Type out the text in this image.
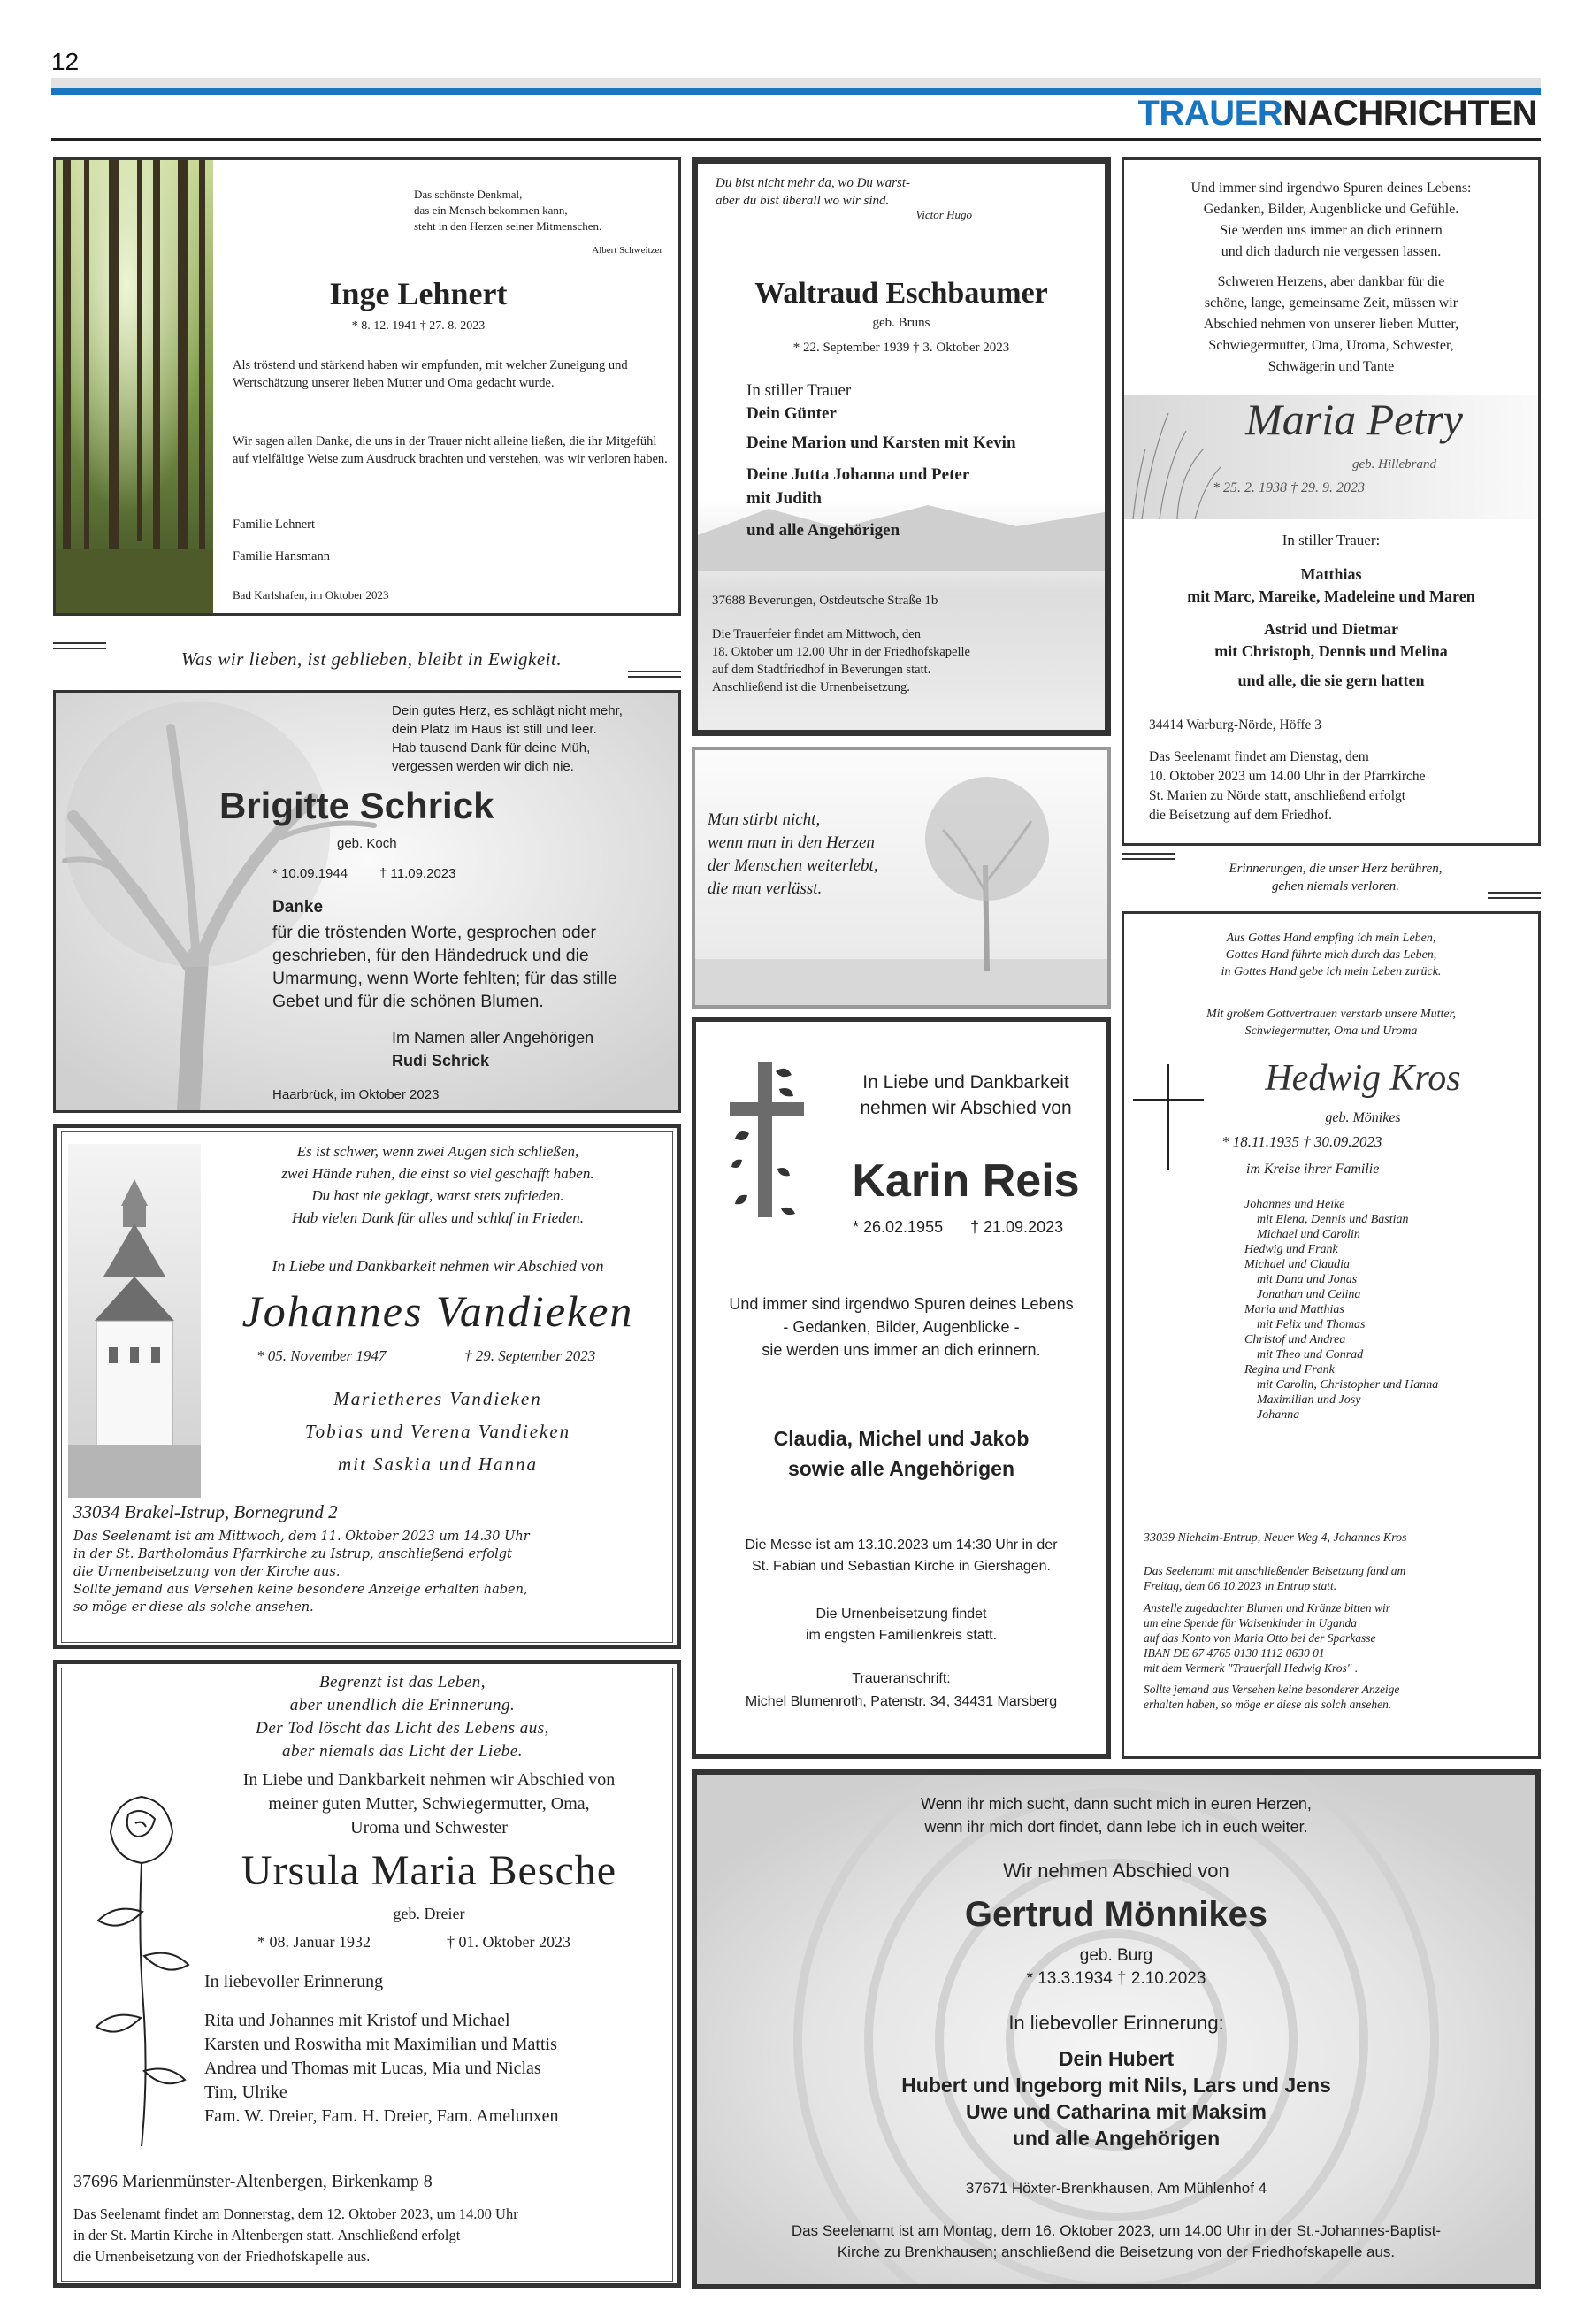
12
TRAUERNACHRICHTEN
Das schönste Denkmal,
das ein Mensch bekommen kann,
steht in den Herzen seiner Mitmenschen.
Albert Schweitzer
Inge Lehnert
* 8. 12. 1941 † 27. 8. 2023
Als tröstend und stärkend haben wir empfunden, mit welcher Zuneigung und Wertschätzung unserer lieben Mutter und Oma gedacht wurde.
Wir sagen allen Danke, die uns in der Trauer nicht alleine ließen, die ihr Mitgefühl auf vielfältige Weise zum Ausdruck brachten und verstehen, was wir verloren haben.
Familie Lehnert
Familie Hansmann
Bad Karlshafen, im Oktober 2023
Was wir lieben, ist geblieben, bleibt in Ewigkeit.
Du bist nicht mehr da, wo Du warst-
aber du bist überall wo wir sind.
Victor Hugo
Waltraud Eschbaumer
geb. Bruns
* 22. September 1939 † 3. Oktober 2023
In stiller Trauer
Dein Günter
Deine Marion und Karsten mit Kevin
Deine Jutta Johanna und Peter
mit Judith
und alle Angehörigen
37688 Beverungen, Ostdeutsche Straße 1b
Die Trauerfeier findet am Mittwoch, den
18. Oktober um 12.00 Uhr in der Friedhofskapelle
auf dem Stadtfriedhof in Beverungen statt.
Anschließend ist die Urnenbeisetzung.
Und immer sind irgendwo Spuren deines Lebens:
Gedanken, Bilder, Augenblicke und Gefühle.
Sie werden uns immer an dich erinnern
und dich dadurch nie vergessen lassen.
Schweren Herzens, aber dankbar für die
schöne, lange, gemeinsame Zeit, müssen wir
Abschied nehmen von unserer lieben Mutter,
Schwiegermutter, Oma, Uroma, Schwester,
Schwägerin und Tante
Maria Petry
geb. Hillebrand
* 25. 2. 1938 † 29. 9. 2023
In stiller Trauer:
Matthias
mit Marc, Mareike, Madeleine und Maren
Astrid und Dietmar
mit Christoph, Dennis und Melina
und alle, die sie gern hatten
34414 Warburg-Nörde, Höffe 3
Das Seelenamt findet am Dienstag, dem
10. Oktober 2023 um 14.00 Uhr in der Pfarrkirche
St. Marien zu Nörde statt, anschließend erfolgt
die Beisetzung auf dem Friedhof.
Erinnerungen, die unser Herz berühren,
gehen niemals verloren.
Dein gutes Herz, es schlägt nicht mehr,
dein Platz im Haus ist still und leer.
Hab tausend Dank für deine Müh,
vergessen werden wir dich nie.
Brigitte Schrick
geb. Koch
* 10.09.1944 † 11.09.2023
Danke
für die tröstenden Worte, gesprochen oder geschrieben, für den Händedruck und die Umarmung, wenn Worte fehlten; für das stille Gebet und für die schönen Blumen.
Im Namen aller Angehörigen
Rudi Schrick
Haarbrück, im Oktober 2023
Man stirbt nicht,
wenn man in den Herzen
der Menschen weiterlebt,
die man verlässt.
Aus Gottes Hand empfing ich mein Leben,
Gottes Hand führte mich durch das Leben,
in Gottes Hand gebe ich mein Leben zurück.
Mit großem Gottvertrauen verstarb unsere Mutter,
Schwiegermutter, Oma und Uroma
Hedwig Kros
geb. Mönikes
* 18.11.1935 † 30.09.2023
im Kreise ihrer Familie
Johannes und Heike
mit Elena, Dennis und Bastian
Michael und Carolin
Hedwig und Frank
Michael und Claudia
mit Dana und Jonas
Jonathan und Celina
Maria und Matthias
mit Felix und Thomas
Christof und Andrea
mit Theo und Conrad
Regina und Frank
mit Carolin, Christopher und Hanna
Maximilian und Josy
Johanna
33039 Nieheim-Entrup, Neuer Weg 4, Johannes Kros
Das Seelenamt mit anschließender Beisetzung fand am
Freitag, dem 06.10.2023 in Entrup statt.
Anstelle zugedachter Blumen und Kränze bitten wir
um eine Spende für Waisenkinder in Uganda
auf das Konto von Maria Otto bei der Sparkasse
IBAN DE 67 4765 0130 1112 0630 01
mit dem Vermerk "Trauerfall Hedwig Kros" .
Sollte jemand aus Versehen keine besonderer Anzeige
erhalten haben, so möge er diese als solch ansehen.
Es ist schwer, wenn zwei Augen sich schließen,
zwei Hände ruhen, die einst so viel geschafft haben.
Du hast nie geklagt, warst stets zufrieden.
Hab vielen Dank für alles und schlaf in Frieden.
In Liebe und Dankbarkeit nehmen wir Abschied von
Johannes Vandieken
* 05. November 1947	† 29. September 2023
Marietheres Vandieken
Tobias und Verena Vandieken
mit Saskia und Hanna
33034 Brakel-Istrup, Bornegrund 2
Das Seelenamt ist am Mittwoch, dem 11. Oktober 2023 um 14.30 Uhr
in der St. Bartholomäus Pfarrkirche zu Istrup, anschließend erfolgt
die Urnenbeisetzung von der Kirche aus.
Sollte jemand aus Versehen keine besondere Anzeige erhalten haben,
so möge er diese als solche ansehen.
In Liebe und Dankbarkeit
nehmen wir Abschied von
Karin Reis
* 26.02.1955 † 21.09.2023
Und immer sind irgendwo Spuren deines Lebens
- Gedanken, Bilder, Augenblicke -
sie werden uns immer an dich erinnern.
Claudia, Michel und Jakob
sowie alle Angehörigen
Die Messe ist am 13.10.2023 um 14:30 Uhr in der
St. Fabian und Sebastian Kirche in Giershagen.
Die Urnenbeisetzung findet
im engsten Familienkreis statt.
Traueranschrift:
Michel Blumenroth, Patenstr. 34, 34431 Marsberg
Begrenzt ist das Leben,
aber unendlich die Erinnerung.
Der Tod löscht das Licht des Lebens aus,
aber niemals das Licht der Liebe.
In Liebe und Dankbarkeit nehmen wir Abschied von
meiner guten Mutter, Schwiegermutter, Oma,
Uroma und Schwester
Ursula Maria Besche
geb. Dreier
* 08. Januar 1932	† 01. Oktober 2023
In liebevoller Erinnerung
Rita und Johannes mit Kristof und Michael
Karsten und Roswitha mit Maximilian und Mattis
Andrea und Thomas mit Lucas, Mia und Niclas
Tim, Ulrike
Fam. W. Dreier, Fam. H. Dreier, Fam. Amelunxen
37696 Marienmünster-Altenbergen, Birkenkamp 8
Das Seelenamt findet am Donnerstag, dem 12. Oktober 2023, um 14.00 Uhr
in der St. Martin Kirche in Altenbergen statt. Anschließend erfolgt
die Urnenbeisetzung von der Friedhofskapelle aus.
Wenn ihr mich sucht, dann sucht mich in euren Herzen,
wenn ihr mich dort findet, dann lebe ich in euch weiter.
Wir nehmen Abschied von
Gertrud Mönnikes
geb. Burg
* 13.3.1934 † 2.10.2023
In liebevoller Erinnerung:
Dein Hubert
Hubert und Ingeborg mit Nils, Lars und Jens
Uwe und Catharina mit Maksim
und alle Angehörigen
37671 Höxter-Brenkhausen, Am Mühlenhof 4
Das Seelenamt ist am Montag, dem 16. Oktober 2023, um 14.00 Uhr in der St.-Johannes-Baptist-
Kirche zu Brenkhausen; anschließend die Beisetzung von der Friedhofskapelle aus.
